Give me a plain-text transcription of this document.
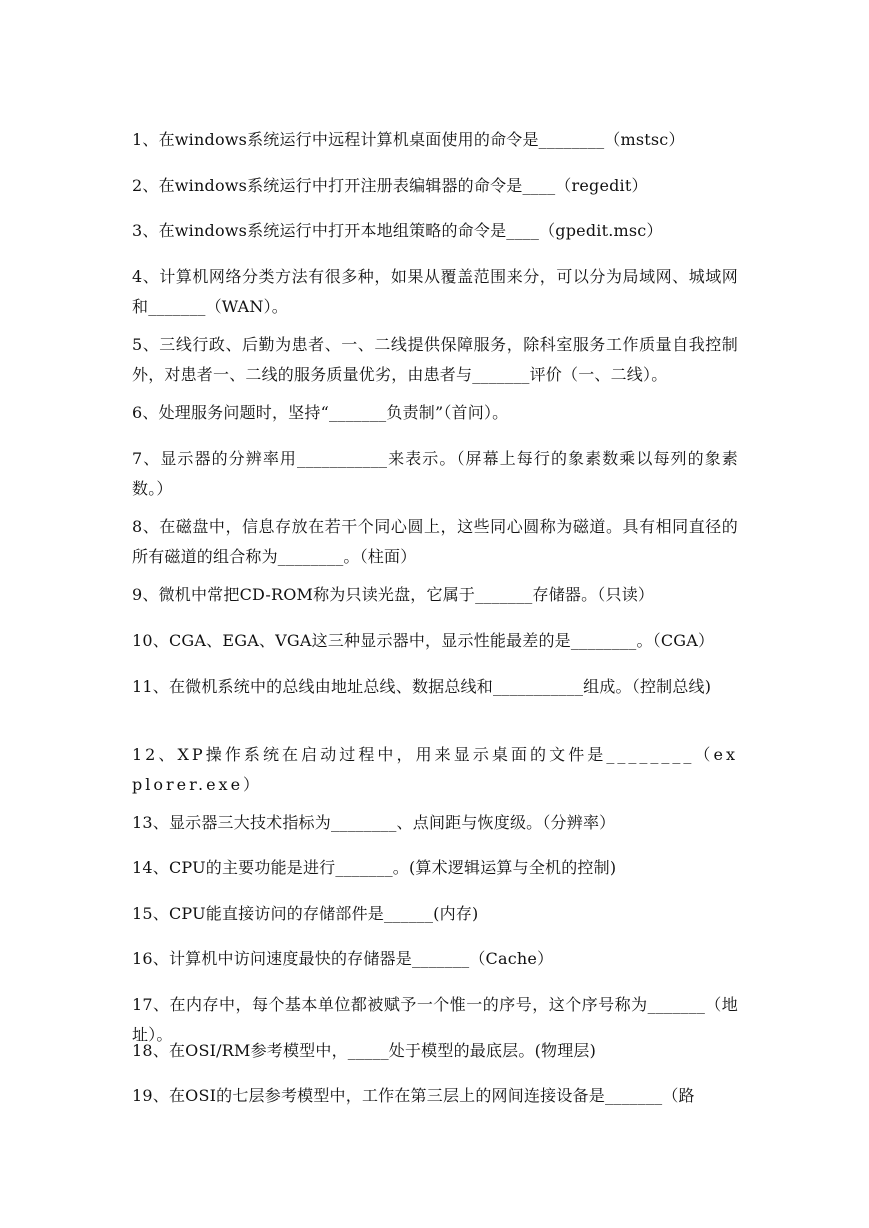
1、在windows系统运行中远程计算机桌面使用的命令是________（mstsc）
2、在windows系统运行中打开注册表编辑器的命令是____（regedit）
3、在windows系统运行中打开本地组策略的命令是____（gpedit.msc）
4、计算机网络分类方法有很多种，如果从覆盖范围来分，可以分为局域网、城域网和_______（WAN）。
5、三线行政、后勤为患者、一、二线提供保障服务，除科室服务工作质量自我控制外，对患者一、二线的服务质量优劣，由患者与_______评价（一、二线）。
6、处理服务问题时，坚持“_______负责制”（首问）。
7、显示器的分辨率用___________来表示。（屏幕上每行的象素数乘以每列的象素数。）
8、在磁盘中，信息存放在若干个同心圆上，这些同心圆称为磁道。具有相同直径的所有磁道的组合称为________。（柱面）
9、微机中常把CD-ROM称为只读光盘，它属于_______存储器。（只读）
10、CGA、EGA、VGA这三种显示器中，显示性能最差的是________。（CGA）
11、在微机系统中的总线由地址总线、数据总线和___________组成。（控制总线)
12、XP操作系统在启动过程中，用来显示桌面的文件是________（explorer.exe）
13、显示器三大技术指标为________、点间距与恢度级。（分辨率）
14、CPU的主要功能是进行_______。(算术逻辑运算与全机的控制)
15、CPU能直接访问的存储部件是______(内存)
16、计算机中访问速度最快的存储器是_______（Cache）
17、在内存中，每个基本单位都被赋予一个惟一的序号，这个序号称为_______（地址）。
18、在OSI/RM参考模型中，_____处于模型的最底层。(物理层)
19、在OSI的七层参考模型中，工作在第三层上的网间连接设备是_______（路
